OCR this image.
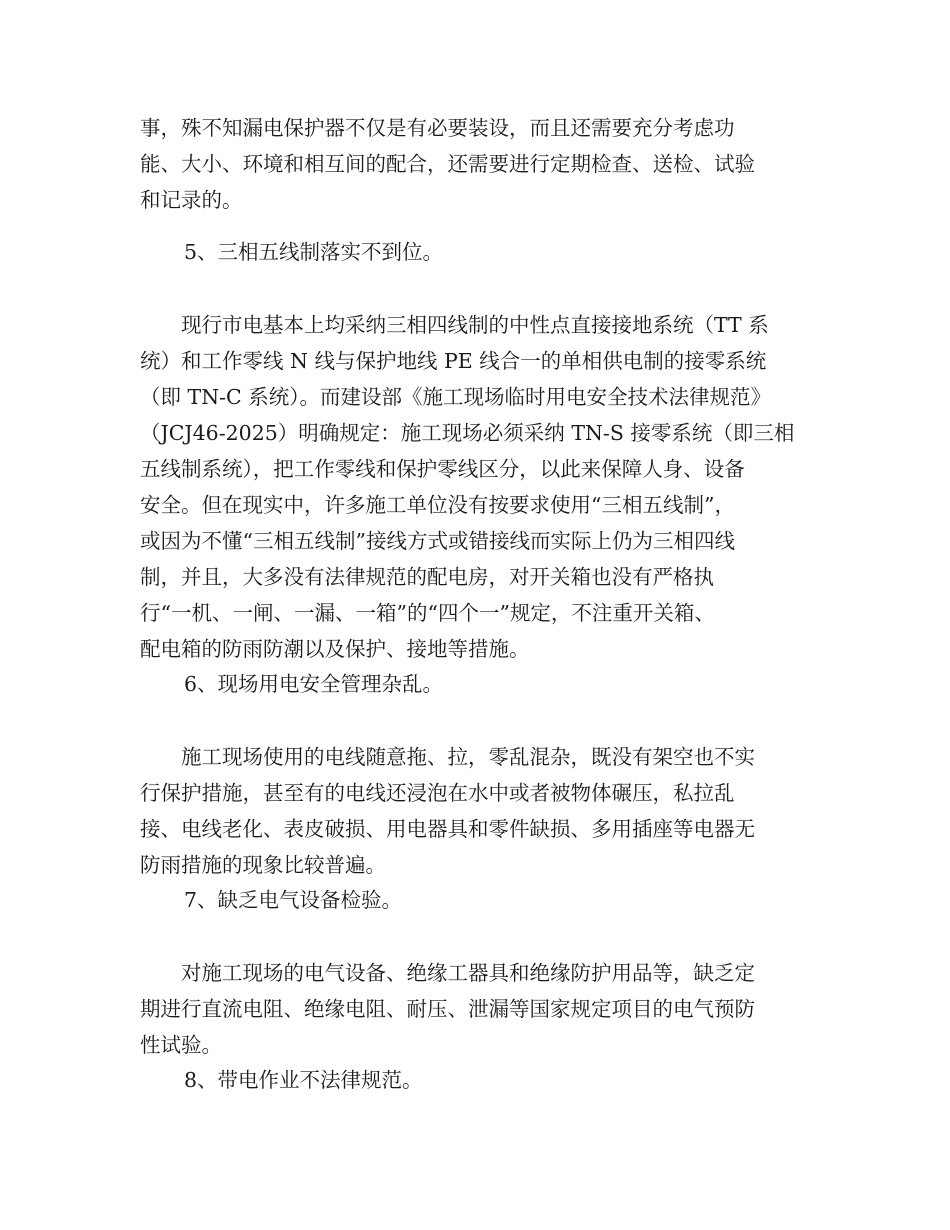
事，殊不知漏电保护器不仅是有必要装设，而且还需要充分考虑功
能、大小、环境和相互间的配合，还需要进行定期检查、送检、试验
和记录的。
5、三相五线制落实不到位。
　　现行市电基本上均采纳三相四线制的中性点直接接地系统（TT 系
统）和工作零线 N 线与保护地线 PE 线合一的单相供电制的接零系统
（即 TN-C 系统）。而建设部《施工现场临时用电安全技术法律规范》
（JCJ46-2025）明确规定：施工现场必须采纳 TN-S 接零系统（即三相
五线制系统），把工作零线和保护零线区分，以此来保障人身、设备
安全。但在现实中，许多施工单位没有按要求使用“三相五线制”，
或因为不懂“三相五线制”接线方式或错接线而实际上仍为三相四线
制，并且，大多没有法律规范的配电房，对开关箱也没有严格执
行“一机、一闸、一漏、一箱”的“四个一”规定，不注重开关箱、
配电箱的防雨防潮以及保护、接地等措施。
6、现场用电安全管理杂乱。
　　施工现场使用的电线随意拖、拉，零乱混杂，既没有架空也不实
行保护措施，甚至有的电线还浸泡在水中或者被物体碾压，私拉乱
接、电线老化、表皮破损、用电器具和零件缺损、多用插座等电器无
防雨措施的现象比较普遍。
7、缺乏电气设备检验。
　　对施工现场的电气设备、绝缘工器具和绝缘防护用品等，缺乏定
期进行直流电阻、绝缘电阻、耐压、泄漏等国家规定项目的电气预防
性试验。
8、带电作业不法律规范。
